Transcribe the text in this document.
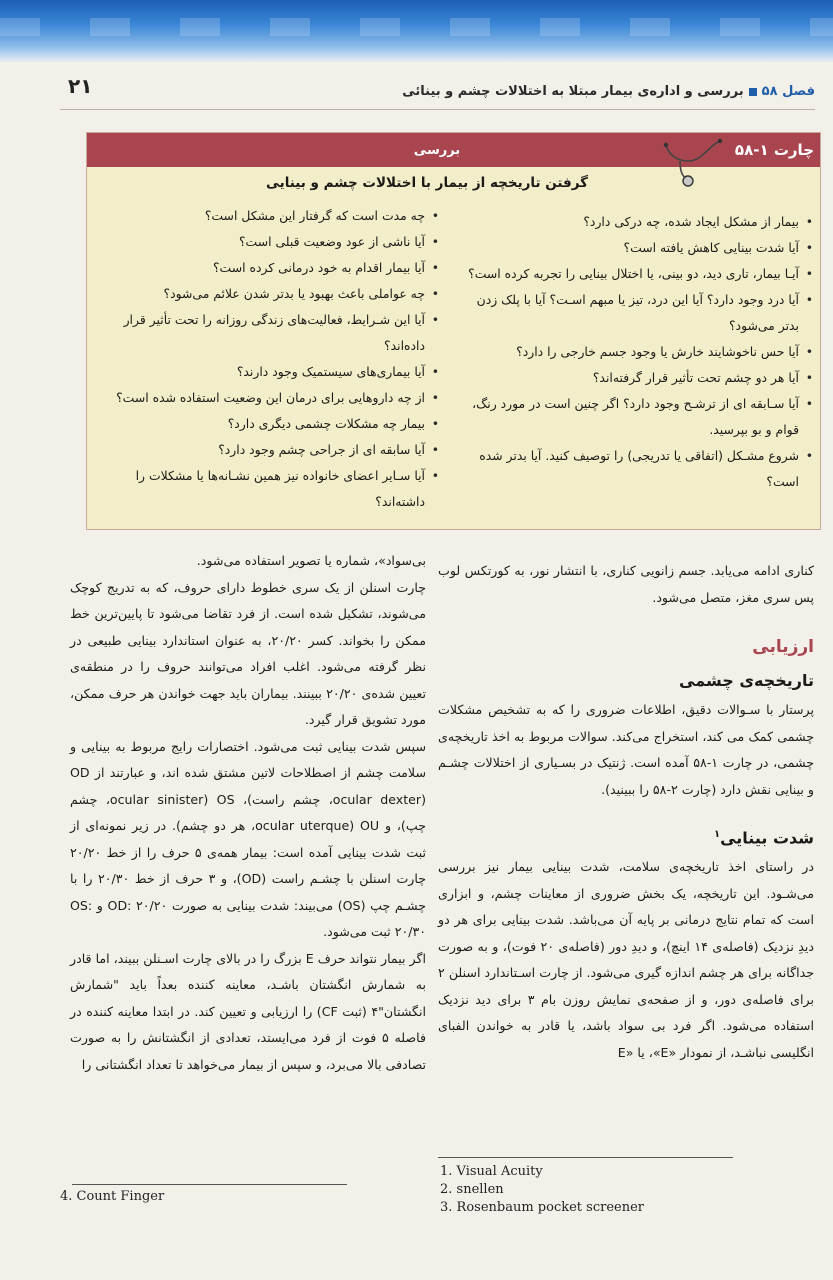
۲۱	فصل ۵۸بررسی و اداره‌ی بیمار مبتلا به اختلالات چشم و بینائی
چارت ۱-۵۸
بررسی
گرفتن تاریخچه از بیمار با اختلالات چشم و بینایی
• بیمار از مشکل ایجاد شده، چه درکی دارد؟
• آیا شدت بینایی کاهش یافته است؟
• آیـا بیمار، تاری دید، دو بینی، یا اختلال بینایی را تجربه کرده است؟
• آیا درد وجود دارد؟ آیا این درد، تیز یا مبهم اسـت؟ آیا با پلک زدن بدتر می‌شود؟
• آیا حس ناخوشایند خارش یا وجود جسم خارجی را دارد؟
• آیا هر دو چشم تحت تأثیر قرار گرفته‌اند؟
• آیا سـابقه ای از ترشـح وجود دارد؟ اگر چنین است در مورد رنگ، قوام و بو بپرسید.
• شروع مشـکل (اتفاقی یا تدریجی) را توصیف کنید. آیا بدتر شده است؟
• چه مدت است که گرفتار این مشکل است؟
• آیا ناشی از عود وضعیت قبلی است؟
• آیا بیمار اقدام به خود درمانی کرده است؟
• چه عواملی باعث بهبود یا بدتر شدن علائم می‌شود؟
• آیا این شـرایط، فعالیت‌های زندگی روزانه را تحت تأثیر قرار داده‌اند؟
• آیا بیماری‌های سیستمیک وجود دارند؟
• از چه داروهایی برای درمان این وضعیت استفاده شده است؟
• بیمار چه مشکلات چشمی دیگری دارد؟
• آیا سابقه ای از جراحی چشم وجود دارد؟
• آیا سـایر اعضای خانواده نیز همین نشـانه‌ها یا مشکلات را داشته‌اند؟

کناری ادامه می‌یابد. جسم زانویی کناری، با انتشار نور، به کورتکس لوب پس سری مغز، متصل می‌شود.

ارزیابی
تاریخچه‌ی چشمی

پرستار با سـوالات دقیق، اطلاعات ضروری را که به تشخیص مشکلات چشمی کمک می کند، استخراج می‌کند. سوالات مربوط به اخذ تاریخچه‌ی چشمی، در چارت ۱-۵۸ آمده است. ژنتیک در بسـیاری از اختلالات چشـم و بینایی نقش دارد (چارت ۲-۵۸ را ببینید).

شدت بینایی$^۱$

در راستای اخذ تاریخچه‌ی سلامت، شدت بینایی بیمار نیز بررسی می‌شـود. این تاریخچه، یک بخش ضروری از معاینات چشم، و ابزاری است که تمام نتایج درمانی بر پایه آن می‌باشد. شدت بینایی برای هر دو دیدِ نزدیک (فاصله‌ی ۱۴ اینچ)، و دیدِ دور (فاصله‌ی ۲۰ فوت)، و به صورت جداگانه برای هر چشم اندازه گیری می‌شود. از چارت اسـتاندارد اسنلن ۲ برای فاصله‌ی دور، و از صفحه‌ی نمایش روزن بام ۳ برای دید نزدیک استفاده می‌شود. اگر فرد بی سواد باشد، یا قادر به خواندن الفبای انگلیسی نباشـد، از نمودار «E»، یا «E

بی‌سواد»، شماره یا تصویر استفاده می‌شود.

چارت اسنلن از یک سری خطوط دارای حروف، که به تدریج کوچک می‌شوند، تشکیل شده است. از فرد تقاضا می‌شود تا پایین‌ترین خط ممکن را بخواند. کسر ۲۰/۲۰، به عنوان استاندارد بینایی طبیعی در نظر گرفته می‌شود. اغلب افراد می‌توانند حروف را در منطقه‌ی تعیین شده‌ی ۲۰/۲۰ ببینند. بیماران باید جهت خواندن هر حرف ممکن، مورد تشویق قرار گیرد.

سپس شدت بینایی ثبت می‌شود. اختصارات رایج مربوط به بینایی و سلامت چشم از اصطلاحات لاتین مشتق شده اند، و عبارتند از OD (ocular dexter، چشم راست)، OS (ocular sinister، چشم چپ)، و OU (ocular uterque، هر دو چشم). در زیر نمونه‌ای از ثبت شدت بینایی آمده است: بیمار همه‌ی ۵ حرف را از خط ۲۰/۲۰ چارت اسنلن با چشـم راست (OD)، و ۳ حرف از خط ۲۰/۳۰ را با چشـم چپ (OS) می‌بیند: شدت بینایی به صورت OD: ۲۰/۲۰ و OS: ۲۰/۳۰ ثبت می‌شود.

اگر بیمار نتواند حرف E بزرگ را در بالای چارت اسـنلن ببیند، اما قادر به شمارش انگشتان باشـد، معاینه کننده بعداً باید "شمارش انگشتان"۴ (ثبت CF) را ارزیابی و تعیین کند. در ابتدا معاینه کننده در فاصله ۵ فوت از فرد می‌ایستد، تعدادی از انگشتانش را به صورت تصادفی بالا می‌برد، و سپس از بیمار می‌خواهد تا تعداد انگشتانی را

1. Visual Acuity
2. snellen
3. Rosenbaum pocket screener
4. Count Finger
